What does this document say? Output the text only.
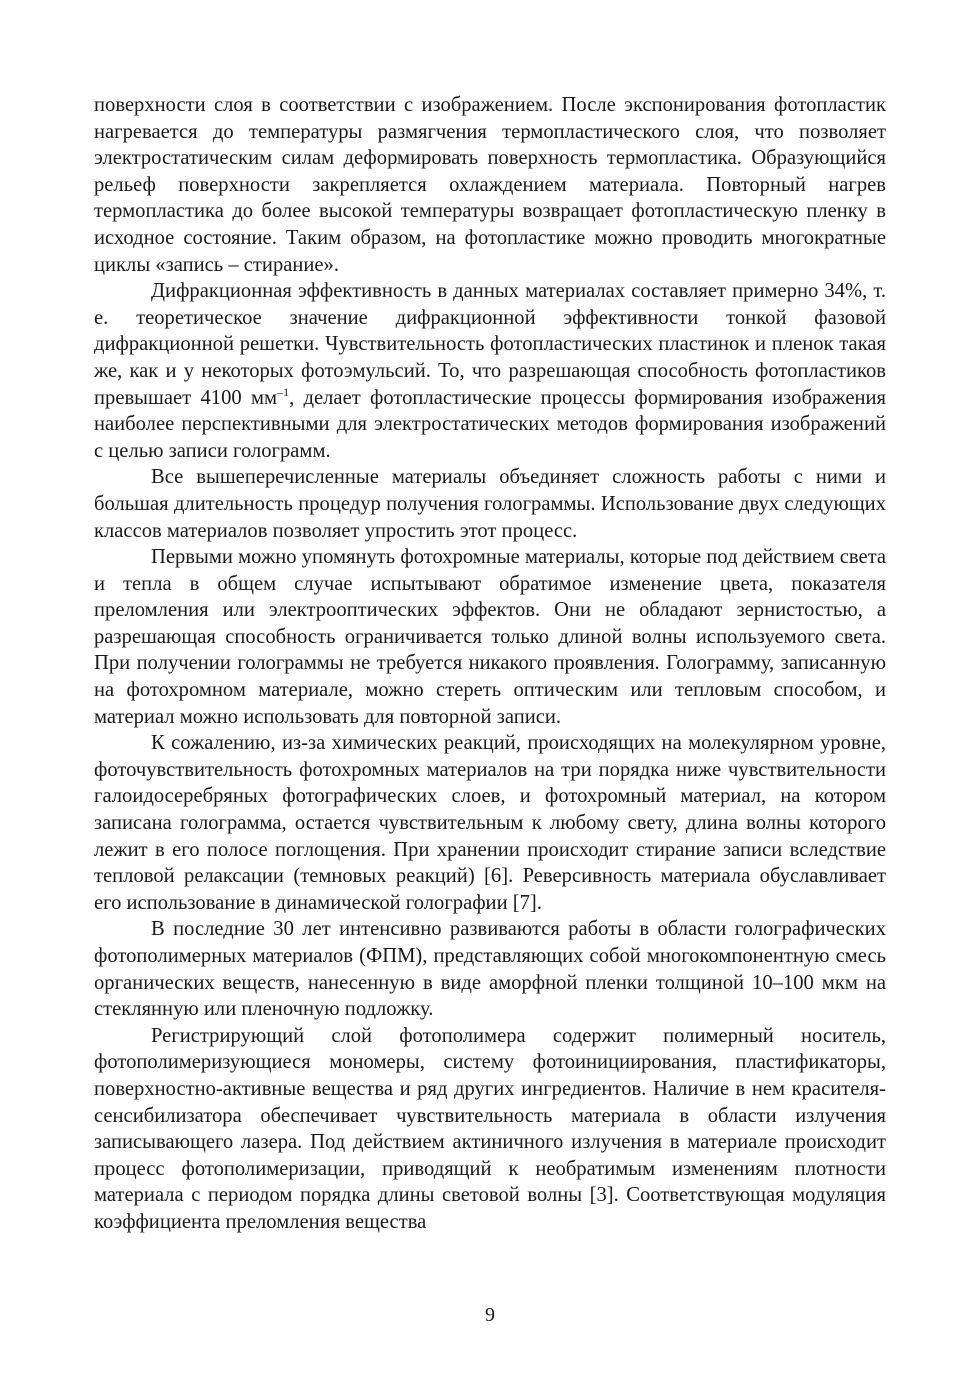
поверхности слоя в соответствии с изображением. После экспонирования фотопластик нагревается до температуры размягчения термопластического слоя, что позволяет электростатическим силам деформировать поверхность термопластика. Образующийся рельеф поверхности закрепляется охлаждением материала. Повторный нагрев термопластика до более высокой температуры возвращает фотопластическую пленку в исходное состояние. Таким образом, на фотопластике можно проводить многократные циклы «запись – стирание».

Дифракционная эффективность в данных материалах составляет примерно 34%, т. е. теоретическое значение дифракционной эффективности тонкой фазовой дифракционной решетки. Чувствительность фотопластических пластинок и пленок такая же, как и у некоторых фотоэмульсий. То, что разрешающая способность фотопластиков превышает 4100 $мм^{-1}$, делает фотопластические процессы формирования изображения наиболее перспективными для электростатических методов формирования изображений с целью записи голограмм.

Все вышеперечисленные материалы объединяет сложность работы с ними и большая длительность процедур получения голограммы. Использование двух следующих классов материалов позволяет упростить этот процесс.

Первыми можно упомянуть фотохромные материалы, которые под действием света и тепла в общем случае испытывают обратимое изменение цвета, показателя преломления или электрооптических эффектов. Они не обладают зернистостью, а разрешающая способность ограничивается только длиной волны используемого света. При получении голограммы не требуется никакого проявления. Голограмму, записанную на фотохромном материале, можно стереть оптическим или тепловым способом, и материал можно использовать для повторной записи.

К сожалению, из-за химических реакций, происходящих на молекулярном уровне, фоточувствительность фотохромных материалов на три порядка ниже чувствительности галоидосеребряных фотографических слоев, и фотохромный материал, на котором записана голограмма, остается чувствительным к любому свету, длина волны которого лежит в его полосе поглощения. При хранении происходит стирание записи вследствие тепловой релаксации (темновых реакций) [6]. Реверсивность материала обуславливает его использование в динамической голографии [7].

В последние 30 лет интенсивно развиваются работы в области голографических фотополимерных материалов (ФПМ), представляющих собой многокомпонентную смесь органических веществ, нанесенную в виде аморфной пленки толщиной 10–100 мкм на стеклянную или пленочную подложку.

Регистрирующий слой фотополимера содержит полимерный носитель, фотополимеризующиеся мономеры, систему фотоинициирования, пластификаторы, поверхностно-активные вещества и ряд других ингредиентов. Наличие в нем красителя-сенсибилизатора обеспечивает чувствительность материала в области излучения записывающего лазера. Под действием актиничного излучения в материале происходит процесс фотополимеризации, приводящий к необратимым изменениям плотности материала с периодом порядка длины световой волны [3]. Соответствующая модуляция коэффициента преломления вещества

9
